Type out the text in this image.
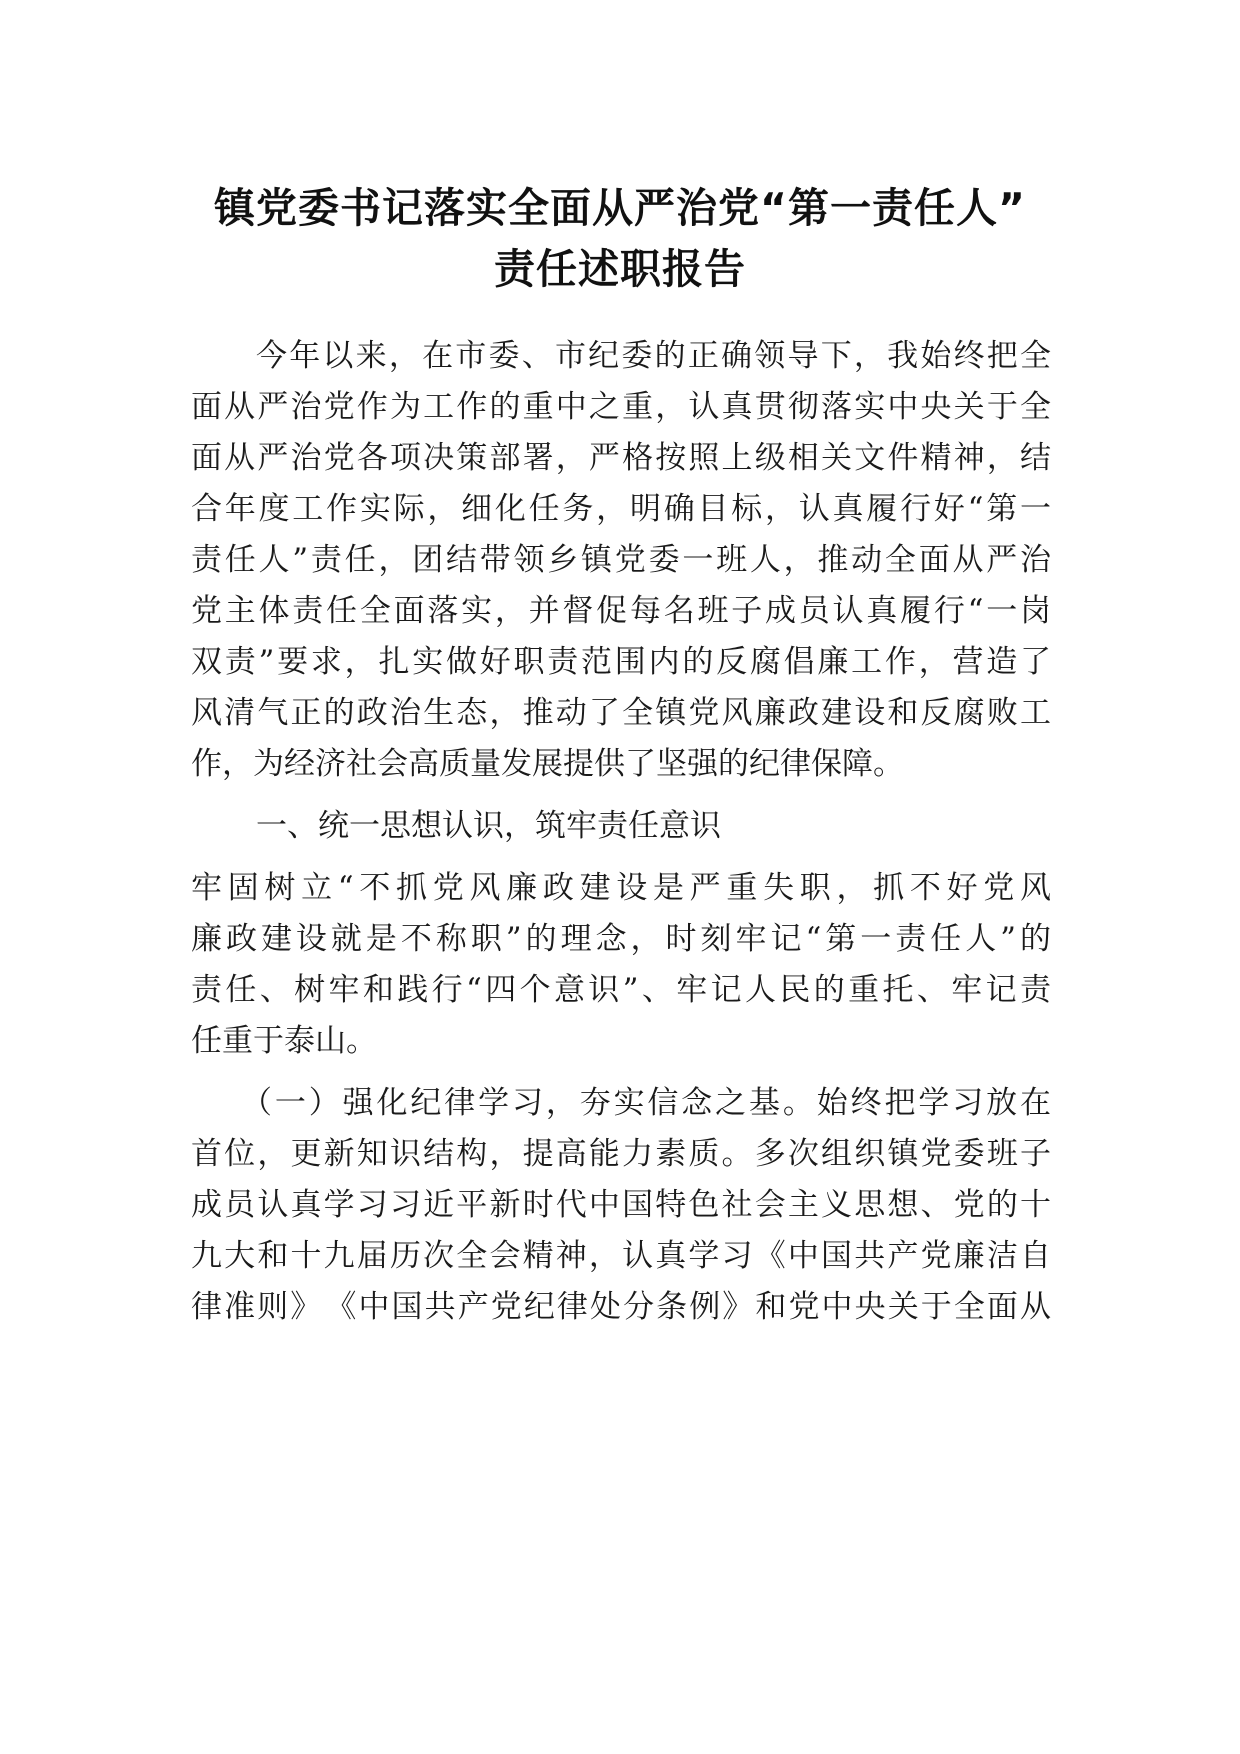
镇党委书记落实全面从严治党“第一责任人”
责任述职报告
今年以来，在市委、市纪委的正确领导下，我始终把全
面从严治党作为工作的重中之重，认真贯彻落实中央关于全
面从严治党各项决策部署，严格按照上级相关文件精神，结
合年度工作实际，细化任务，明确目标，认真履行好“第一
责任人”责任，团结带领乡镇党委一班人，推动全面从严治
党主体责任全面落实，并督促每名班子成员认真履行“一岗
双责”要求，扎实做好职责范围内的反腐倡廉工作，营造了
风清气正的政治生态，推动了全镇党风廉政建设和反腐败工
作，为经济社会高质量发展提供了坚强的纪律保障。
一、统一思想认识，筑牢责任意识
牢固树立“不抓党风廉政建设是严重失职，抓不好党风
廉政建设就是不称职”的理念，时刻牢记“第一责任人”的
责任、树牢和践行“四个意识”、牢记人民的重托、牢记责
任重于泰山。
（一）强化纪律学习，夯实信念之基。始终把学习放在
首位，更新知识结构，提高能力素质。多次组织镇党委班子
成员认真学习习近平新时代中国特色社会主义思想、党的十
九大和十九届历次全会精神，认真学习《中国共产党廉洁自
律准则》　《中国共产党纪律处分条例》和党中央关于全面从
